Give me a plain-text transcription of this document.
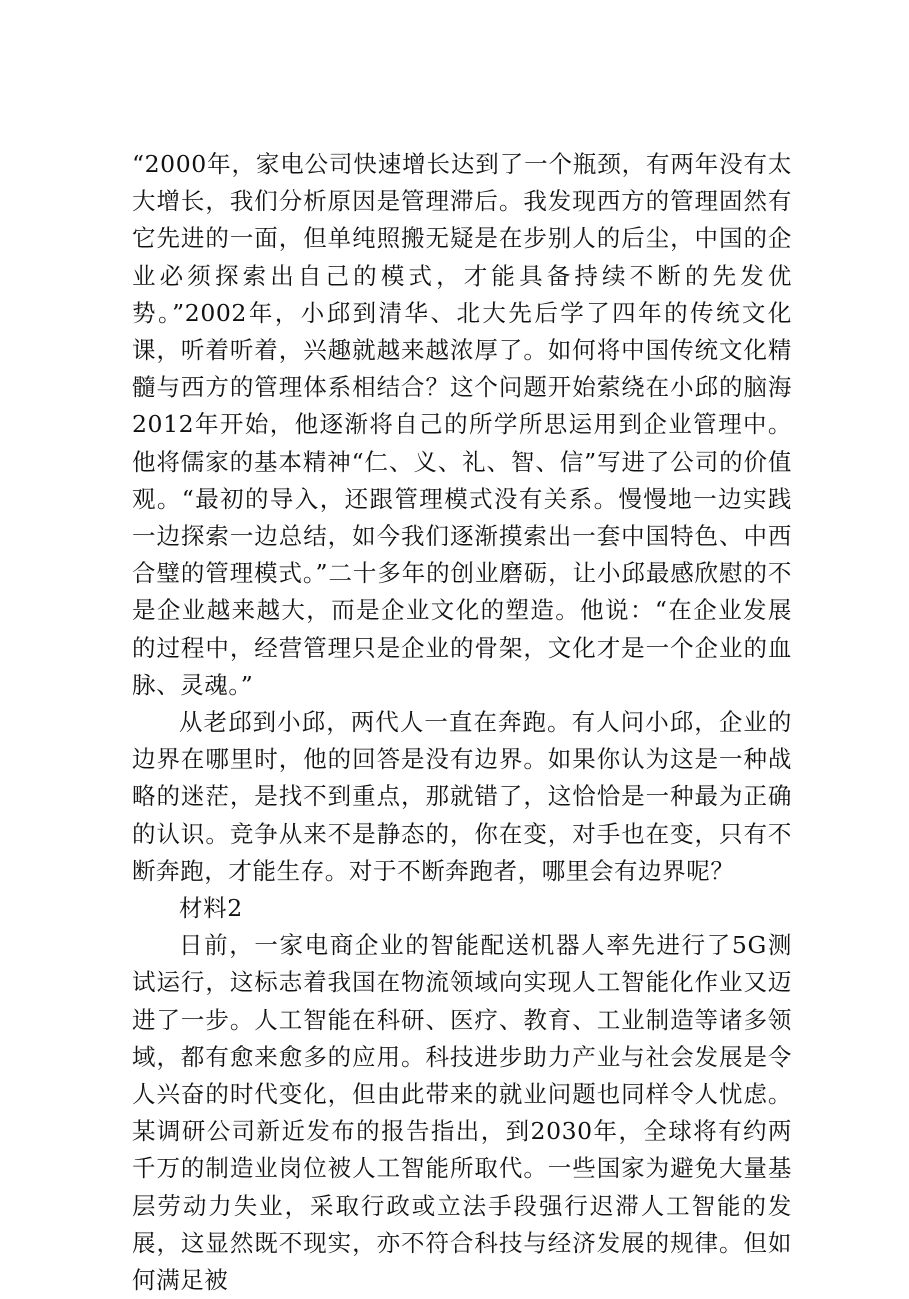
“2000年，家电公司快速增长达到了一个瓶颈，有两年没有太大增长，我们分析原因是管理滞后。我发现西方的管理固然有它先进的一面，但单纯照搬无疑是在步别人的后尘，中国的企业必须探索出自己的模式，才能具备持续不断的先发优势。”2002年，小邱到清华、北大先后学了四年的传统文化课，听着听着，兴趣就越来越浓厚了。如何将中国传统文化精髓与西方的管理体系相结合？这个问题开始萦绕在小邱的脑海2012年开始，他逐渐将自己的所学所思运用到企业管理中。他将儒家的基本精神“仁、义、礼、智、信”写进了公司的价值观。“最初的导入，还跟管理模式没有关系。慢慢地一边实践一边探索一边总结，如今我们逐渐摸索出一套中国特色、中西合璧的管理模式。”二十多年的创业磨砺，让小邱最感欣慰的不是企业越来越大，而是企业文化的塑造。他说：“在企业发展的过程中，经营管理只是企业的骨架，文化才是一个企业的血脉、灵魂。”

从老邱到小邱，两代人一直在奔跑。有人问小邱，企业的边界在哪里时，他的回答是没有边界。如果你认为这是一种战略的迷茫，是找不到重点，那就错了，这恰恰是一种最为正确的认识。竞争从来不是静态的，你在变，对手也在变，只有不断奔跑，才能生存。对于不断奔跑者，哪里会有边界呢？

材料2

日前，一家电商企业的智能配送机器人率先进行了5G测试运行，这标志着我国在物流领域向实现人工智能化作业又迈进了一步。人工智能在科研、医疗、教育、工业制造等诸多领域，都有愈来愈多的应用。科技进步助力产业与社会发展是令人兴奋的时代变化，但由此带来的就业问题也同样令人忧虑。某调研公司新近发布的报告指出，到2030年，全球将有约两千万的制造业岗位被人工智能所取代。一些国家为避免大量基层劳动力失业，采取行政或立法手段强行迟滞人工智能的发展，这显然既不现实，亦不符合科技与经济发展的规律。但如何满足被
